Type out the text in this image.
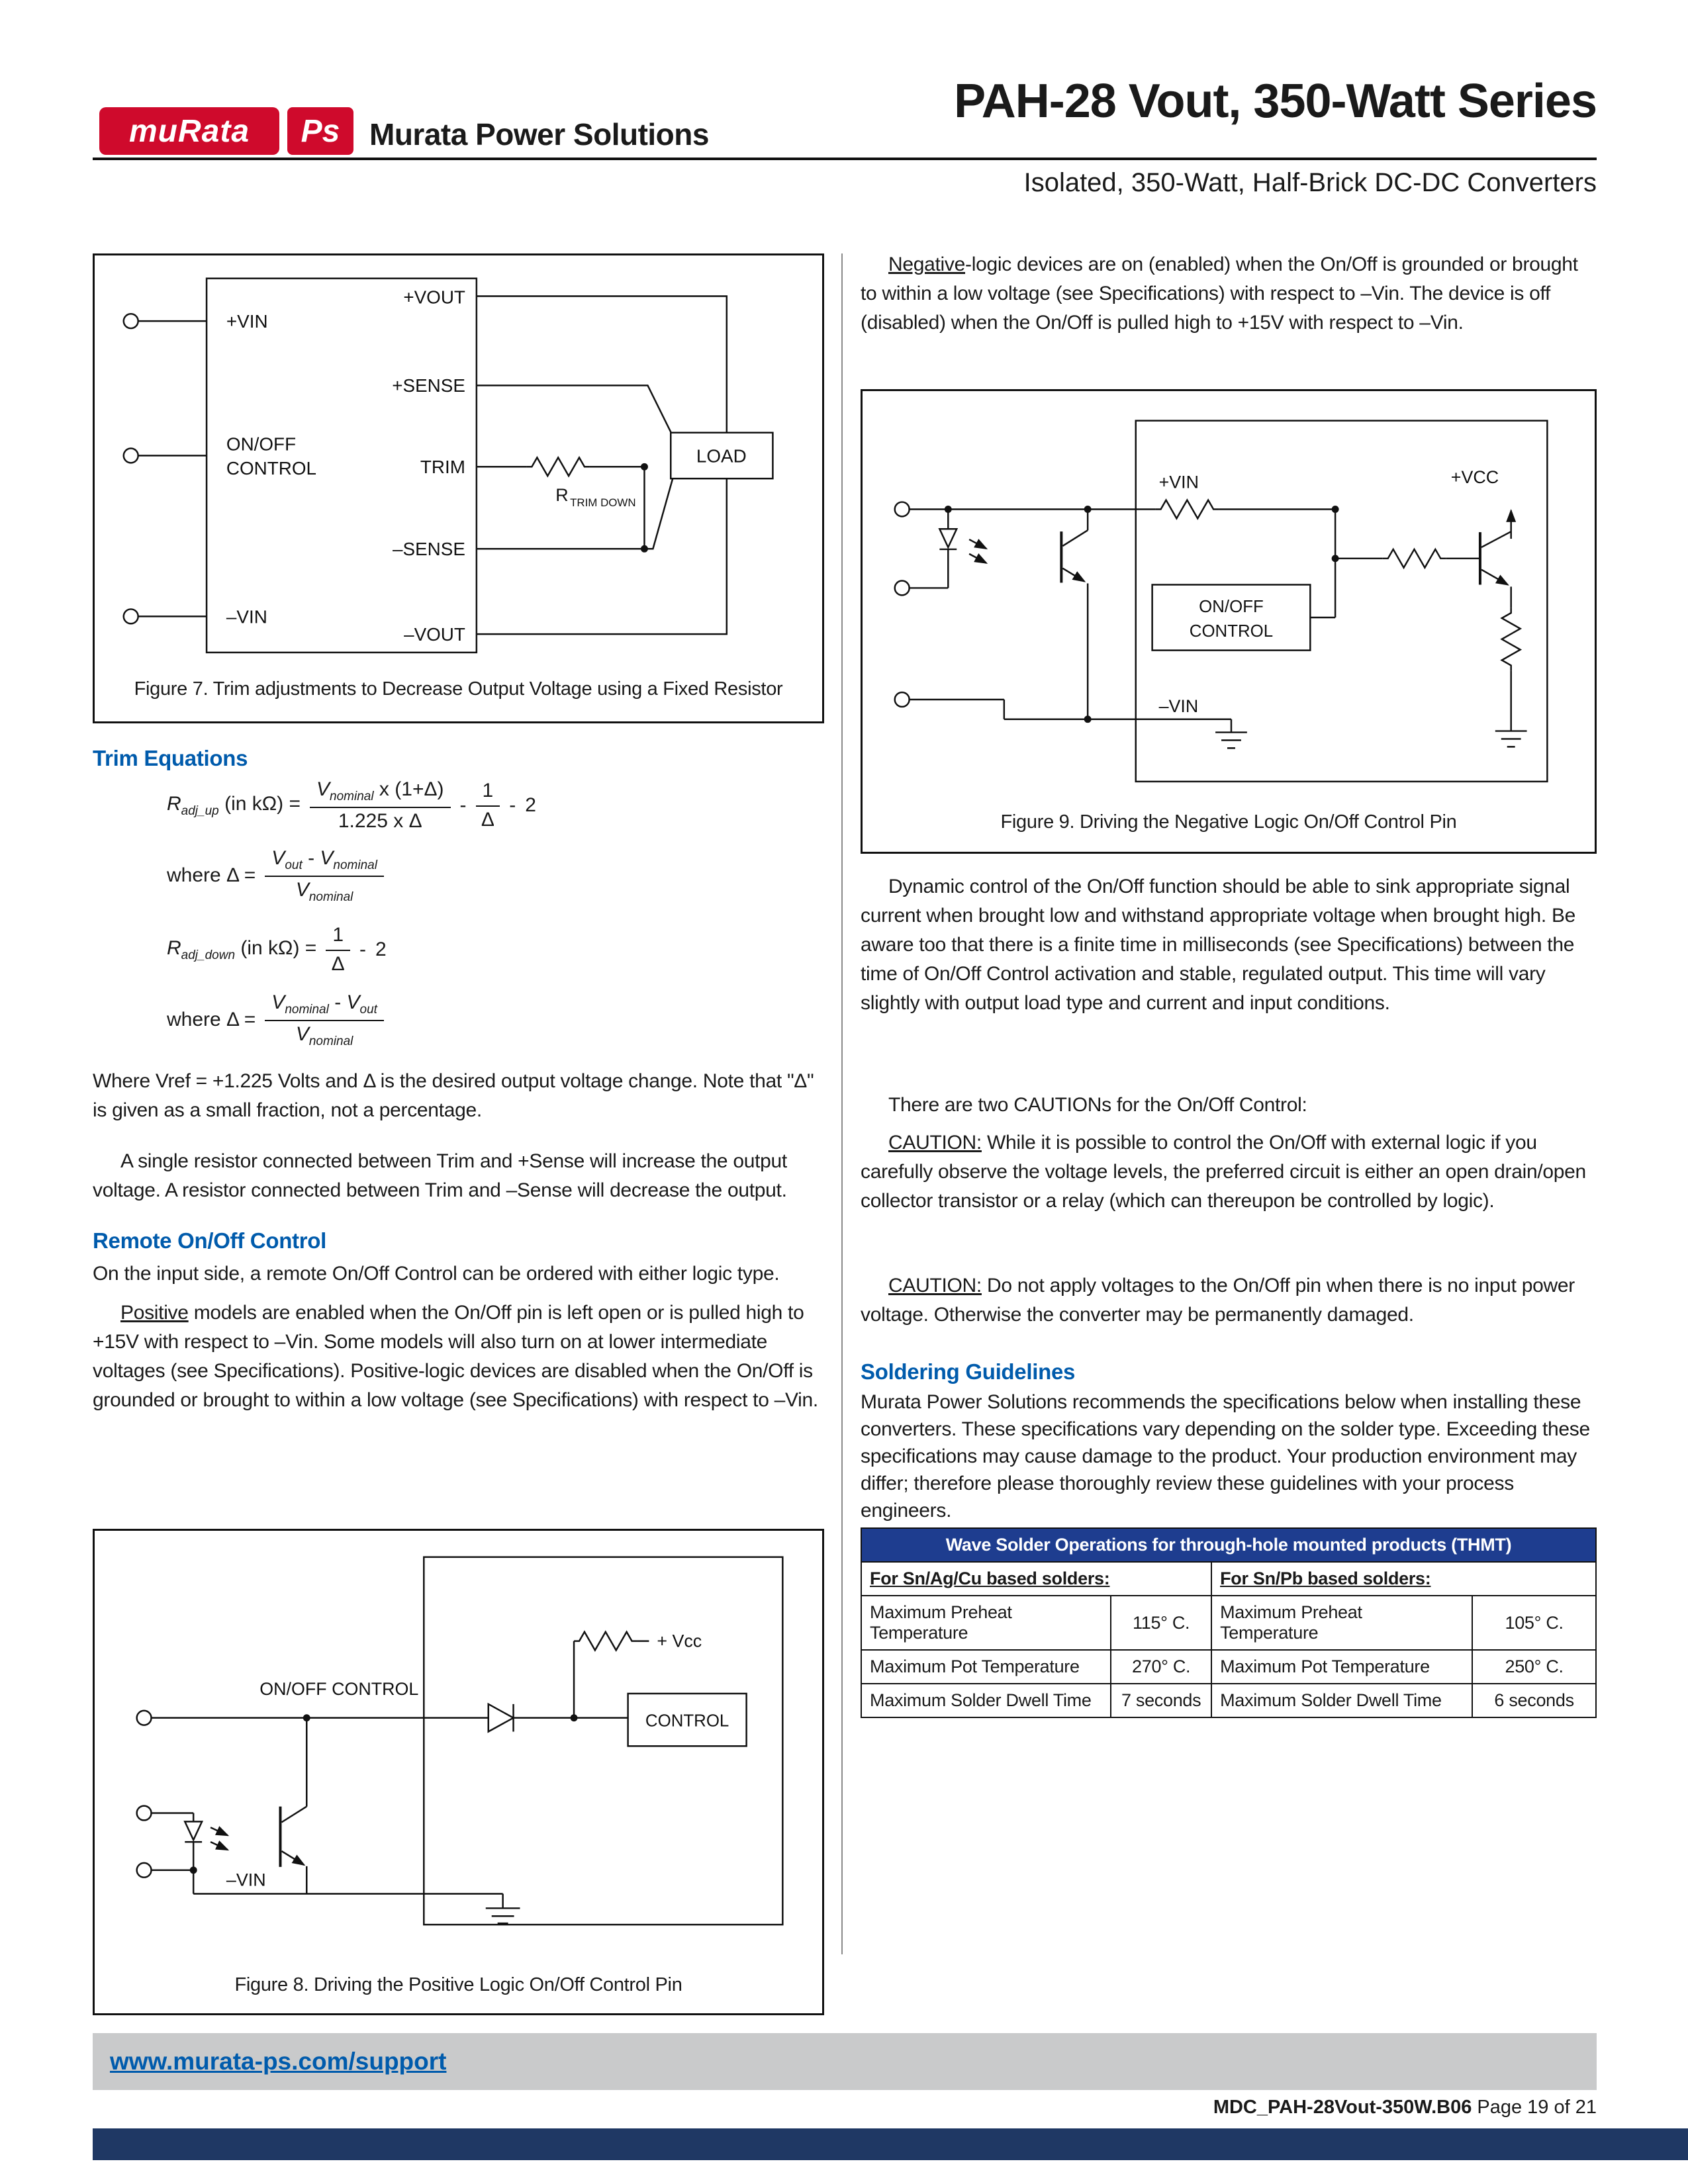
muRata Ps Murata Power Solutions
PAH-28 Vout, 350-Watt Series
Isolated, 350-Watt, Half-Brick DC-DC Converters
+VIN
ON/OFF
CONTROL
–VIN
+VOUT
+SENSE
TRIM
–SENSE
–VOUT
LOAD
R TRIM DOWN
Figure 7. Trim adjustments to Decrease Output Voltage using a Fixed Resistor
Trim Equations
$R_{adj\_up}$ (in $k\Omega) = \frac{V_{nominal} x (1+\Delta)}{\text{1.225 x Δ}} - \frac{1}{\Delta} - 2$
where $\Delta = \frac{V_{out} - V_{nominal}}{V_{nominal}}$
$R_{adj\_down}$ (in $k\Omega) = \frac{1}{\Delta} - 2$
where $\Delta = \frac{V_{nominal} - V_{out}}{V_{nominal}}$

Where Vref = +1.225 Volts and Δ is the desired output voltage change. Note that "Δ" is given as a small fraction, not a percentage.

A single resistor connected between Trim and +Sense will increase the output voltage. A resistor connected between Trim and –Sense will decrease the output.

Remote On/Off Control

On the input side, a remote On/Off Control can be ordered with either logic type.

Positive models are enabled when the On/Off pin is left open or is pulled high to +15V with respect to –Vin. Some models will also turn on at lower intermediate voltages (see Specifications). Positive-logic devices are disabled when the On/Off is grounded or brought to within a low voltage (see Specifications) with respect to –Vin.

ON/OFF CONTROL
+ Vcc
CONTROL
–VIN
Figure 8. Driving the Positive Logic On/Off Control Pin

Negative-logic devices are on (enabled) when the On/Off is grounded or brought to within a low voltage (see Specifications) with respect to –Vin. The device is off (disabled) when the On/Off is pulled high to +15V with respect to –Vin.

+VIN
ON/OFF
CONTROL
+VCC
–VIN
Figure 9. Driving the Negative Logic On/Off Control Pin

Dynamic control of the On/Off function should be able to sink appropriate signal current when brought low and withstand appropriate voltage when brought high. Be aware too that there is a finite time in milliseconds (see Specifications) between the time of On/Off Control activation and stable, regulated output. This time will vary slightly with output load type and current and input conditions.

There are two CAUTIONs for the On/Off Control:

CAUTION: While it is possible to control the On/Off with external logic if you carefully observe the voltage levels, the preferred circuit is either an open drain/open collector transistor or a relay (which can thereupon be controlled by logic).

CAUTION: Do not apply voltages to the On/Off pin when there is no input power voltage. Otherwise the converter may be permanently damaged.

Soldering Guidelines

Murata Power Solutions recommends the specifications below when installing these converters. These specifications vary depending on the solder type. Exceeding these specifications may cause damage to the product. Your production environment may differ; therefore please thoroughly review these guidelines with your process engineers.

Wave Solder Operations for through-hole mounted products (THMT)			
For Sn/Ag/Cu based solders:		For Sn/Pb based solders:	
Maximum Preheat Temperature	115° C.	Maximum Preheat Temperature	105° C.
Maximum Pot Temperature	270° C.	Maximum Pot Temperature	250° C.
Maximum Solder Dwell Time	7 seconds	Maximum Solder Dwell Time	6 seconds
www.murata-ps.com/support
MDC_PAH-28Vout-350W.B06 Page 19 of 21
